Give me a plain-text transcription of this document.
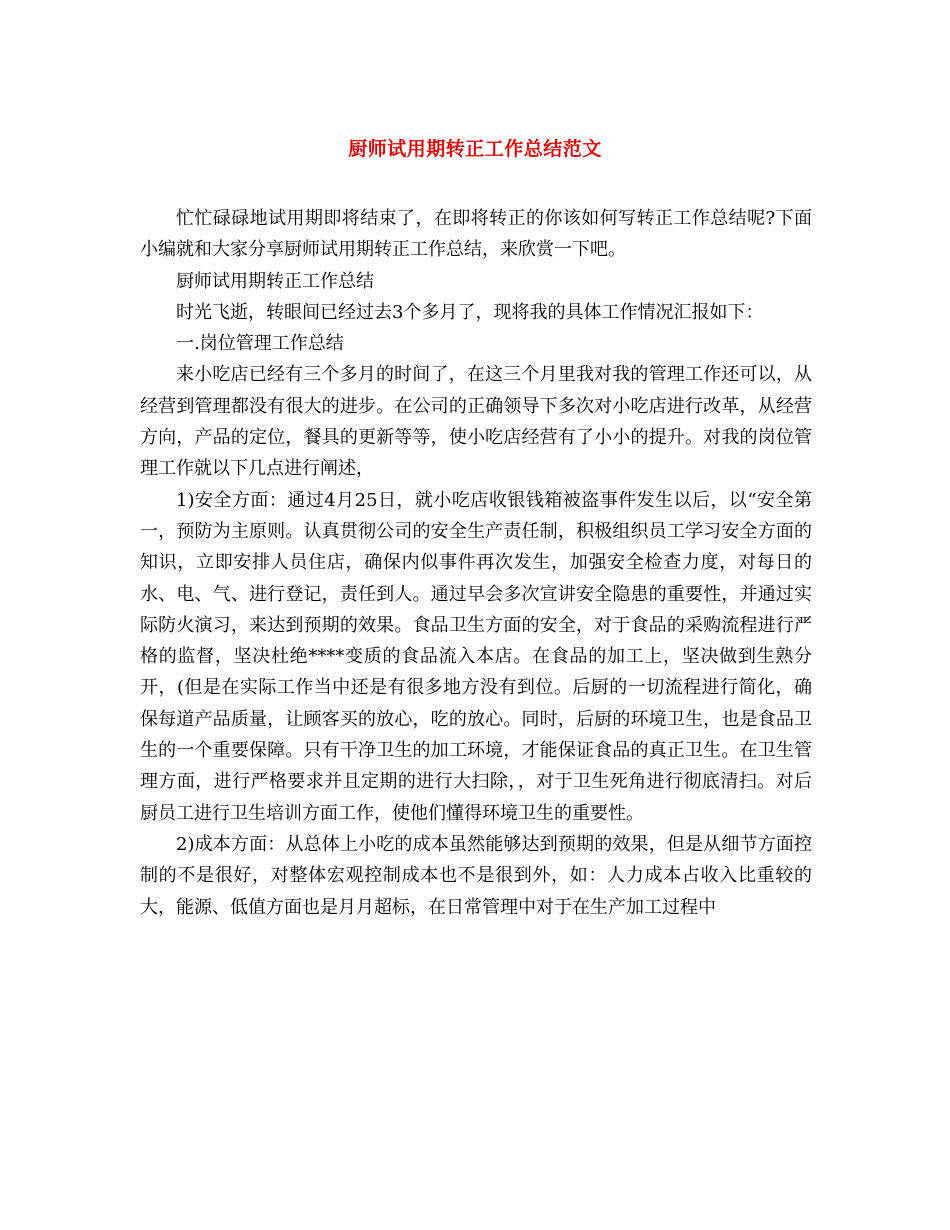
厨师试用期转正工作总结范文

忙忙碌碌地试用期即将结束了，在即将转正的你该如何写转正工作总结呢?下面小编就和大家分享厨师试用期转正工作总结，来欣赏一下吧。

厨师试用期转正工作总结

时光飞逝，转眼间已经过去3个多月了，现将我的具体工作情况汇报如下：

一.岗位管理工作总结

来小吃店已经有三个多月的时间了，在这三个月里我对我的管理工作还可以，从经营到管理都没有很大的进步。在公司的正确领导下多次对小吃店进行改革，从经营方向，产品的定位，餐具的更新等等，使小吃店经营有了小小的提升。对我的岗位管理工作就以下几点进行阐述，

1)安全方面：通过4月25日，就小吃店收银钱箱被盗事件发生以后，以“安全第一，预防为主原则。认真贯彻公司的安全生产责任制，积极组织员工学习安全方面的知识，立即安排人员住店，确保内似事件再次发生，加强安全检查力度，对每日的水、电、气、进行登记，责任到人。通过早会多次宣讲安全隐患的重要性，并通过实际防火演习，来达到预期的效果。食品卫生方面的安全，对于食品的采购流程进行严格的监督，坚决杜绝****变质的食品流入本店。在食品的加工上，坚决做到生熟分开，(但是在实际工作当中还是有很多地方没有到位。后厨的一切流程进行简化，确保每道产品质量，让顾客买的放心，吃的放心。同时，后厨的环境卫生，也是食品卫生的一个重要保障。只有干净卫生的加工环境，才能保证食品的真正卫生。在卫生管理方面，进行严格要求并且定期的进行大扫除，，对于卫生死角进行彻底清扫。对后厨员工进行卫生培训方面工作，使他们懂得环境卫生的重要性。

2)成本方面：从总体上小吃的成本虽然能够达到预期的效果，但是从细节方面控制的不是很好，对整体宏观控制成本也不是很到外，如：人力成本占收入比重较的大，能源、低值方面也是月月超标，在日常管理中对于在生产加工过程中
